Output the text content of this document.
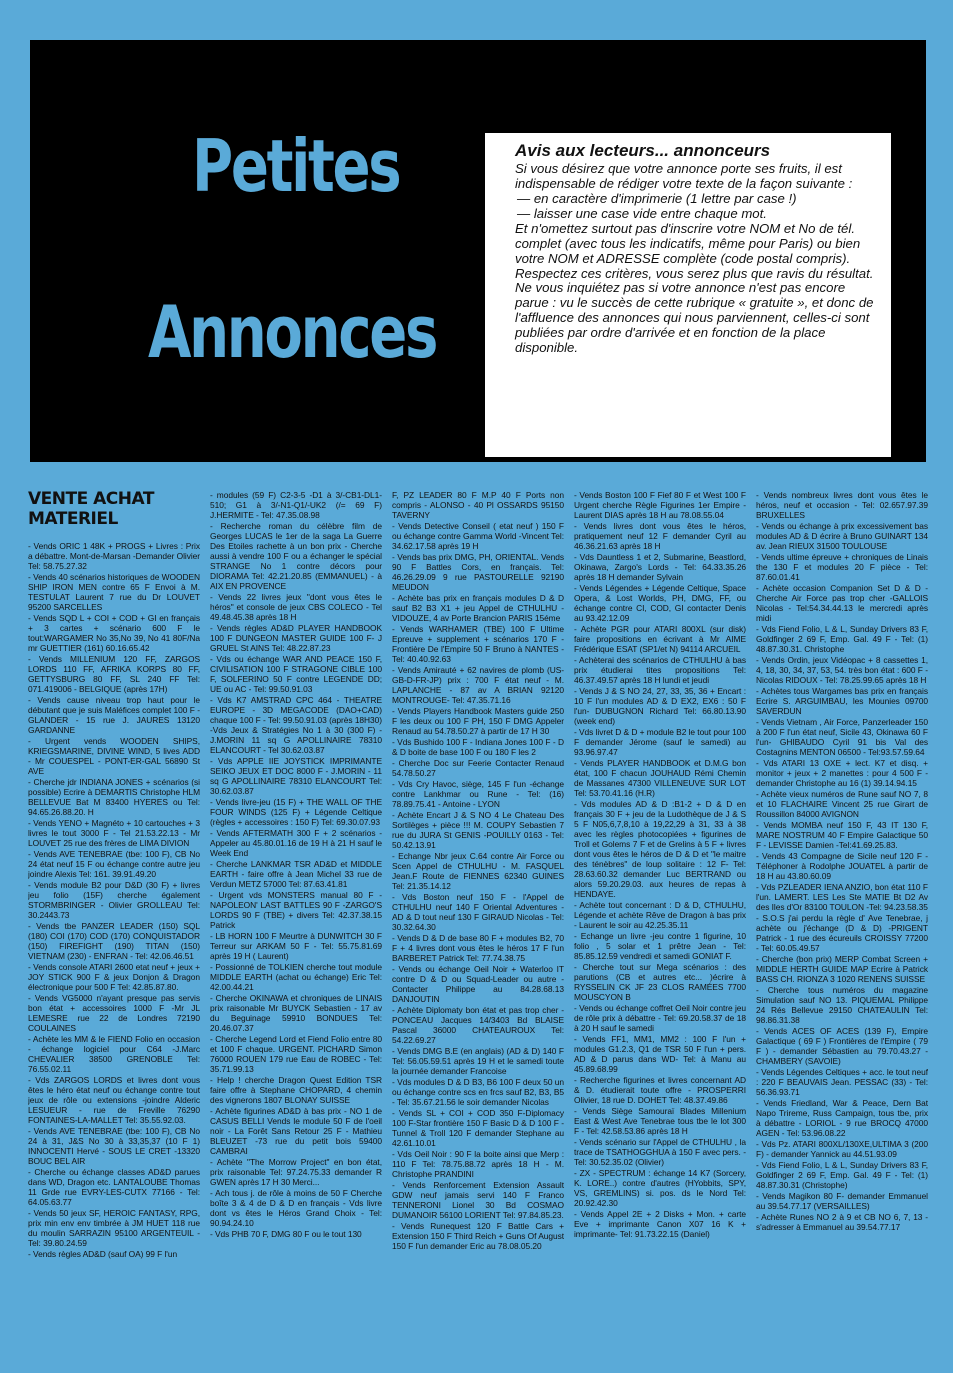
Petites
Annonces
Avis aux lecteurs... annonceurs

Si vous désirez que votre annonce porte ses fruits, il est indispensable de rédiger votre texte de la façon suivante :

— en caractère d'imprimerie (1 lettre par case !)
— laisser une case vide entre chaque mot.

Et n'omettez surtout pas d'inscrire votre NOM et No de tél. complet (avec tous les indicatifs, même pour Paris) ou bien votre NOM et ADRESSE complète (code postal compris).

Respectez ces critères, vous serez plus que ravis du résultat. Ne vous inquiétez pas si votre annonce n'est pas encore parue : vu le succès de cette rubrique « gratuite », et donc de l'affluence des annonces qui nous parviennent, celles-ci sont publiées par ordre d'arrivée et en fonction de la place disponible.

VENTE ACHAT MATERIEL

- Vends ORIC 1 48K + PROGS + Livres : Prix a débattre. Mont-de-Marsan -Demander Olivier Tel: 58.75.27.32

- Vends 40 scénarios historiques de WOODEN SHIP IRON MEN contre 65 F Envoi à M. TESTULAT Laurent 7 rue du Dr LOUVET 95200 SARCELLES

- Vends SQD L + COI + COD + GI en français + 3 cartes + scénario 600 F le tout:WARGAMER No 35,No 39, No 41 80F/Na mr GUETTIER (161) 60.16.65.42

- Vends MILLENIUM 120 FF, ZARGOS LORDS 110 FF, AFRIKA KORPS 80 FF, GETTYSBURG 80 FF, SL 240 FF Tel: 071.419006 - BELGIQUE (après 17H)

- Vends cause niveau trop haut pour le débutant que je suis Maléfices complet 100 F - GLANDER - 15 rue J. JAURES 13120 GARDANNE

- Urgent vends WOODEN SHIPS, KRIEGSMARINE, DIVINE WIND, 5 lives ADD - Mr COUESPEL - PONT-ER-GAL 56890 St AVE

- Cherche jdr INDIANA JONES + scénarios (si possible) Ecrire à DEMARTIS Christophe HLM BELLEVUE Bat M 83400 HYERES ou Tel: 94.65.26.88.20. H

- Vends YENO + Magnéto + 10 cartouches + 3 livres le tout 3000 F - Tel 21.53.22.13 - Mr LOUVET 25 rue des frères de LIMA DIVION

- Vends AVE TENEBRAE (tbe: 100 F), CB No 24 état neuf 15 F ou échange contre autre jeu joindre Alexis Tel: 161. 39.91.49.20

- Vends module B2 pour D&D (30 F) + livres jeu folio (15F) cherche également STORMBRINGER - Olivier GROLLEAU Tel: 30.2443.73

- Vends tbe PANZER LEADER (150) SQL (180) COI (170) COD (170) CONQUISTADOR (150) FIREFIGHT (190) TITAN (150) VIETNAM (230) - ENFRAN - Tel: 42.06.46.51

- Vends console ATARI 2600 etat neuf + jeux + JOY STICK 900 F & jeux Donjon & Dragon électronique pour 500 F Tel: 42.85.87.80.

- Vends VG5000 n'ayant presque pas servis bon état + accessoires 1000 F -Mr JL LEMESRE rue 22 de Londres 72190 COULAINES

- Achète les MM & le FIEND Folio en occasion - échange logiciel pour C64 -J.Marc CHEVALIER 38500 GRENOBLE Tel: 76.55.02.11

- Vds ZARGOS LORDS et livres dont vous êtes le héro état neuf ou échange contre tout jeux de rôle ou extensions -joindre Alderic LESUEUR - rue de Freville 76290 FONTAINES-LA-MALLET Tel: 35.55.92.03.

- Vends AVE TENEBRAE (tbe: 100 F), CB No 24 à 31, J&S No 30 à 33,35,37 (10 F 1) INNOCENTI Hervé - SOUS LE CRET -13320 BOUC BEL AIR

- Cherche ou échange classes AD&D parues dans WD, Dragon etc. LANTALOUBE Thomas 11 Grde rue EVRY-LES-CUTX 77166 - Tel: 64.05.63.77

- Vends 50 jeux SF, HEROIC FANTASY, RPG, prix min env env timbrée à JM HUET 118 rue du moulin SARRAZIN 95100 ARGENTEUIL - Tel: 39.80.24.59

- Vends règles AD&D (sauf OA) 99 F l'un

- modules (59 F) C2-3-5 -D1 à 3/-CB1-DL1-510; G1 à 3/-N1-Q1/-UK2 (/= 69 F) J.HERMITE - Tel: 47.35.08.98

- Recherche roman du célèbre film de Georges LUCAS le 1er de la saga La Guerre Des Etoiles rachette à un bon prix - Cherche aussi à vendre 100 F ou a échanger le spécial STRANGE No 1 contre décors pour DIORAMA Tel: 42.21.20.85 (EMMANUEL) - à AIX EN PROVENCE

- Vends 22 livres jeux "dont vous êtes le héros" et console de jeux CBS COLECO - Tel 49.48.45.38 après 18 H

- Vends règles AD&D PLAYER HANDBOOK 100 F DUNGEON MASTER GUIDE 100 F- J GRUEL St AINS Tel: 48.22.87.23

- Vds ou échange WAR AND PEACE 150 F, CIVILISATION 100 F STRAGONE CIBLE 100 F, SOLFERINO 50 F contre LEGENDE DD; UE ou AC - Tel: 99.50.91.03

- Vds K7 AMSTRAD CPC 464 - THEATRE EUROPE - 3D MEGACODE (DAO+CAD) chaque 100 F - Tel: 99.50.91.03 (après 18H30) -Vds Jeux & Stratégies No 1 à 30 (300 F) - J.MORIN 11 sq G APOLLINAIRE 78310 ELANCOURT - Tel 30.62.03.87

- Vds APPLE IIE JOYSTICK IMPRIMANTE SEIKO JEUX ET DOC 8000 F - J.MORIN - 11 sq G APOLLINAIRE 78310 ELANCOURT Tel: 30.62.03.87

- Vends livre-jeu (15 F) + THE WALL OF THE FOUR WINDS (125 F) + Légende Celtique (règles + accessoires : 150 F) Tel: 69.30.07.93

- Vends AFTERMATH 300 F + 2 scénarios - Appeler au 45.80.01.16 de 19 H à 21 H sauf le Week End

- Cherche LANKMAR TSR AD&D et MIDDLE EARTH - faire offre à Jean Michel 33 rue de Verdun METZ 57000 Tel: 87.63.41.81

- Urgent vds MONSTERS manual 80 F -NAPOLEON' LAST BATTLES 90 F -ZARGO'S LORDS 90 F (TBE) + divers Tel: 42.37.38.15 Patrick

- LB HORN 100 F Meurtre à DUNWITCH 30 F Terreur sur ARKAM 50 F - Tel: 55.75.81.69 après 19 H ( Laurent)

- Possionné de TOLKIEN cherche tout module MIDDLE EARTH (achat ou échange) Eric Tel: 42.00.44.21

- Cherche OKINAWA et chroniques de LINAIS prix raisonable Mr BUYCK Sebastien - 17 av du Beguinage 59910 BONDUES Tel: 20.46.07.37

- Cherche Legend Lord et Fiend Folio entre 80 et 100 F chaque. URGENT. PICHARD Simon 76000 ROUEN 179 rue Eau de ROBEC - Tel: 35.71.99.13

- Help ! cherche Dragon Quest Edition TSR faire offre à Stephane CHOPARD, 4 chemin des vignerons 1807 BLONAY SUISSE

- Achète figurines AD&D à bas prix - NO 1 de CASUS BELLI Vends le module 50 F de l'oeil noir - La Forêt Sans Retour 25 F - Mathieu BLEUZET -73 rue du petit bois 59400 CAMBRAI

- Achète "The Morrow Project" en bon état, prix raisonable Tel: 97.24.75.33 demander R GWEN après 17 H 30 Merci...

- Ach tous j. de rôle à moins de 50 F Cherche boîte 3 & 4 de D & D en français - Vds livre dont vs êtes le Héros Grand Choix - Tel: 90.94.24.10

- Vds PHB 70 F, DMG 80 F ou le tout 130

F, PZ LEADER 80 F M.P 40 F Ports non compris - ALONSO - 40 Pl OSSARDS 95150 TAVERNY

- Vends Detective Conseil ( etat neuf ) 150 F ou échange contre Gamma World -Vincent Tel: 34.62.17.58 après 19 H

- Vends bas prix DMG, PH, ORIENTAL. Vends 90 F Battles Cors, en français. Tel: 46.26.29.09 9 rue PASTOURELLE 92190 MEUDON

- Achète bas prix en français modules D & D sauf B2 B3 X1 + jeu Appel de CTHULHU - VIDOUZE, 4 av Porte Brancion PARIS 15éme

- Vends WARHAMER (TBE) 100 F Ultime Epreuve + supplement + scénarios 170 F - Frontière De l'Empire 50 F Bruno à NANTES - Tel: 40.40.92.63

- Vends Amirauté + 62 navires de plomb (US-GB-D-FR-JP) prix : 700 F état neuf - M. LAPLANCHE - 87 av A BRIAN 92120 MONTROUGE- Tel: 47.35.71.16

- Vends Players Handbook Masters guide 250 F les deux ou 100 F PH, 150 F DMG Appeler Renaud au 54.78.50.27 à partir de 17 H 30

- Vds Bushido 100 F - Indiana Jones 100 F - D & D boite de base 100 F ou 180 F les 2

- Cherche Doc sur Feerie Contacter Renaud 54.78.50.27

- Vds Cry Havoc, siège, 145 F l'un -échange contre Lankhmar ou Rune - Tel: (16) 78.89.75.41 - Antoine - LYON

- Achète Encart J & S NO 4 Le Chateau Des Sortilèges + pièce !!! M. COUPY Sebastien 7 rue du JURA St GENIS -POUILLY 0163 - Tel: 50.42.13.91

- Echange Nbr jeux C.64 contre Air Force ou Scen Appel de CTHULHU - M. FASQUEL Jean.F Route de FIENNES 62340 GUINES Tel: 21.35.14.12

- Vds Boston neuf 150 F - l'Appel de CTHULHU neuf 140 F Oriental Adventures - AD & D tout neuf 130 F GIRAUD Nicolas - Tel: 30.32.64.30

- Vends D & D de base 80 F + modules B2, 70 F + 4 livres dont vous êtes le héros 17 F l'un BARBERET Patrick Tel: 77.74.38.75

- Vends ou échange Oeil Noir + Waterloo IT contre D & D ou Squad-Leader ou autre - Contacter Philippe au 84.28.68.13 DANJOUTIN

- Achète Diplomaty bon état et pas trop cher - PONCEAU Jacques 14/3403 Bd BLAISE Pascal 36000 CHATEAUROUX Tel: 54.22.69.27

- Vends DMG B.E (en anglais) (AD & D) 140 F Tel: 56.05.59.51 après 19 H et le samedi toute la journée demander Francoise

- Vds modules D & D B3, B6 100 F deux 50 un ou échange contre scs en frcs sauf B2, B3, B5 - Tel: 35.67.21.56 le soir demander Nicolas

- Vends SL + COI + COD 350 F-Diplomacy 100 F-Star frontière 150 F Basic D & D 100 F - Tunnel & Troll 120 F demander Stephane au 42.61.10.01

- Vds Oeil Noir : 90 F la boite ainsi que Merp : 110 F Tel: 78.75.88.72 après 18 H - M. Christophe PRANDINI

- Vends Renforcement Extension Assault GDW neuf jamais servi 140 F Franco TENNERONI Lionel 30 Bd COSMAO DUMANOIR 56100 LORIENT Tel: 97.84.85.23.

- Vends Runequest 120 F Battle Cars + Extension 150 F Third Reich + Guns Of August 150 F l'un demander Eric au 78.08.05.20

- Vends Boston 100 F Fief 80 F et West 100 F Urgent cherche Règle Figurines 1er Empire - Laurent DIAS après 18 H au 78.08.55.04

- Vends livres dont vous êtes le héros, pratiquement neuf 12 F demander Cyril au 46.36.21.63 après 18 H

- Vds Dauntless 1 et 2, Submarine, Beastlord, Okinawa, Zargo's Lords - Tel: 64.33.35.26 après 18 H demander Sylvain

- Vends Légendes + Légende Celtique, Space Opera, & Lost Worlds, PH, DMG, FF, ou échange contre CI, COD, GI contacter Denis au 93.42.12.09

- Achète PGR pour ATARI 800XL (sur disk) faire propositions en écrivant à Mr AIME Frédérique ESAT (SP1/et N) 94114 ARCUEIL

- Achèterai des scénarios de CTHULHU à bas prix étudierai tites propositions Tel: 46.37.49.57 après 18 H lundi et jeudi

- Vends J & S NO 24, 27, 33, 35, 36 + Encart : 10 F l'un modules AD & D EX2, EX6 : 50 F l'un- DUBUGNON Richard Tel: 66.80.13.90 (week end)

- Vds livret D & D + module B2 le tout pour 100 F demander Jérome (sauf le samedi) au 93.96.97.47

- Vends PLAYER HANDBOOK et D.M.G bon état, 100 F chacun JOUHAUD Rémi Chemin de Massanes 47300 VILLENEUVE SUR LOT Tel: 53.70.41.16 (H.R)

- Vds modules AD & D :B1-2 + D & D en français 30 F + jeu de la Ludothèque de J & S 5 F N05,6,7,8,10 à 19,22,29 à 31, 33 à 38 avec les règles photocopiées + figurines de Troll et Golems 7 F et de Grelins à 5 F + livres dont vous êtes le héros de D & D et "le maitre des ténèbres" de loup solitaire : 12 F- Tel: 28.63.60.32 demander Luc BERTRAND ou alors 59.20.29.03. aux heures de repas à HENDAYE.

- Achète tout concernant : D & D, CTHULHU, Légende et achète Rêve de Dragon à bas prix - Laurent le soir au 42.25.35.11

- Echange un livre -jeu contre 1 figurine, 10 folio , 5 solar et 1 prêtre Jean - Tel: 85.85.12.59 vendredi et samedi GONIAT F.

- Cherche tout sur Mega scénarios : des parutions (CB et autres etc... )écrire à RYSSELIN CK JF 23 CLOS RAMÉES 7700 MOUSCYON B

- Vends ou échange coffret Oeil Noir contre jeu de rôle prix à débattre - Tel: 69.20.58.37 de 18 à 20 H sauf le samedi

- Vends FF1, MM1, MM2 : 100 F l'un + modules G1.2.3, Q1 de TSR 50 F l'un + pers. AD & D parus dans WD- Tel: à Manu au 45.89.68.99

- Recherche figurines et livres concernant AD & D. étudierait toute offre - PROSPERRI Olivier, 18 rue D. DOHET Tel: 48.37.49.86

- Vends Siège Samouraï Blades Millenium East & West Ave Tenebrae tous tbe le lot 300 F - Tel: 42.58.53.86 après 18 H

- Vends scénario sur l'Appel de CTHULHU , la trace de TSATHOGGHUA à 150 F avec pers. - Tel: 30.52.35.02 (Olivier)

- ZX - SPECTRUM : échange 14 K7 (Sorcery, K. LORE..) contre d'autres (HYobbits, SPY, VS, GREMLINS) si. pos. ds le Nord Tel: 20.92.42.30

- Vends Appel 2E + 2 Disks + Mon. + carte Eve + imprimante Canon X07 16 K + imprimante- Tel: 91.73.22.15 (Daniel)

- Vends nombreux livres dont vous êtes le héros, neuf et occasion - Tel: 02.657.97.39 BRUXELLES

- Vends ou échange à prix excessivement bas modules AD & D écrire à Bruno GUINART 134 av. Jean RIEUX 31500 TOULOUSE

- Vends ultime épreuve + chroniques de Linais the 130 F et modules 20 F pièce - Tel: 87.60.01.41

- Achète occasion Companion Set D & D - Cherche Air Force pas trop cher -GALLOIS Nicolas - Tel:54.34.44.13 le mercredi après midi

- Vds Fiend Folio, L & L, Sunday Drivers 83 F, Goldfinger 2 69 F, Emp. Gal. 49 F - Tel: (1) 48.87.30.31. Christophe

- Vends Ordin, jeux Vidéopac + 8 cassettes 1, 4, 18, 30, 34, 37, 53, 54. très bon état : 600 F - Nicolas RIDOUX - Tel: 78.25.99.65 après 18 H

- Achètes tous Wargames bas prix en français Ecrire S. ARGUIMBAU, les Mounies 09700 SAVERDUN

- Vends Vietnam , Air Force, Panzerleader 150 à 200 F l'un état neuf, Sicile 43, Okinawa 60 F l'un- GHIBAUDO Cyril 91 bis Val des Costagnins MENTON 06500 - Tel:93.57.59.64

- Vds ATARI 13 OXE + lect. K7 et disq. + monitor + jeux + 2 manettes : pour 4 500 F - demander Christophe au 16 (1) 39.14.94.15

- Achète vieux numéros de Rune sauf NO 7, 8 et 10 FLACHAIRE Vincent 25 rue Girart de Roussillon 84000 AVIGNON

- Vends MOMBA neuf 150 F, 43 IT 130 F, MARE NOSTRUM 40 F Empire Galactique 50 F - LEVISSE Damien -Tel:41.69.25.83.

- Vends 43 Compagne de Sicile neuf 120 F - Téléphoner à Rodolphe JOUATEL à partir de 18 H au 43.80.60.09

- Vds PZLEADER IENA ANZIO, bon état 110 F l'un. LAMERT. LES Les Ste MATIE Bt D2 Av des Iles d'Or 83100 TOULON -Tel: 94.23.58.35

- S.O.S j'ai perdu la règle d' Ave Tenebrae, j achète ou j'échange (D & D) -PRIGENT Patrick - 1 rue des écureuils CROISSY 77200 - Tel: 60.05.49.57

- Cherche (bon prix) MERP Combat Screen + MIDDLE HERTH GUIDE MAP Ecrire à Patrick BASS CH. RIONZA 3 1020 RENENS SUISSE

- Cherche tous numéros du magazine Simulation sauf NO 13. PIQUEMAL Philippe 24 Rés Bellevue 29150 CHATEAULIN Tel: 98.86.31.38

- Vends ACES OF ACES (139 F), Empire Galactique ( 69 F ) Frontières de l'Empire ( 79 F ) - demander Sébastien au 79.70.43.27 - CHAMBERY (SAVOIE)

- Vends Légendes Celtiques + acc. le tout neuf : 220 F BEAUVAIS Jean. PESSAC (33) - Tel: 56.36.93.71

- Vends Friedland, War & Peace, Dern Bat Napo Trireme, Russ Campaign, tous tbe, prix à débattre - LORIOL - 9 rue BROCQ 47000 AGEN - Tel: 53.96.08.22

- Vds Pz. ATARI 800XL/130XE,ULTIMA 3 (200 F) - demander Yannick au 44.51.93.09

- Vds Fiend Folio, L & L, Sunday Drivers 83 F, Goldfinger 2 69 F, Emp. Gal. 49 F - Tel: (1) 48.87.30.31 (Christophe)

- Vends Magikon 80 F- demander Emmanuel au 39.54.77.17 (VERSAILLES)

- Achète Runes NO 2 à 9 et CB NO 6, 7, 13 - s'adresser à Emmanuel au 39.54.77.17
